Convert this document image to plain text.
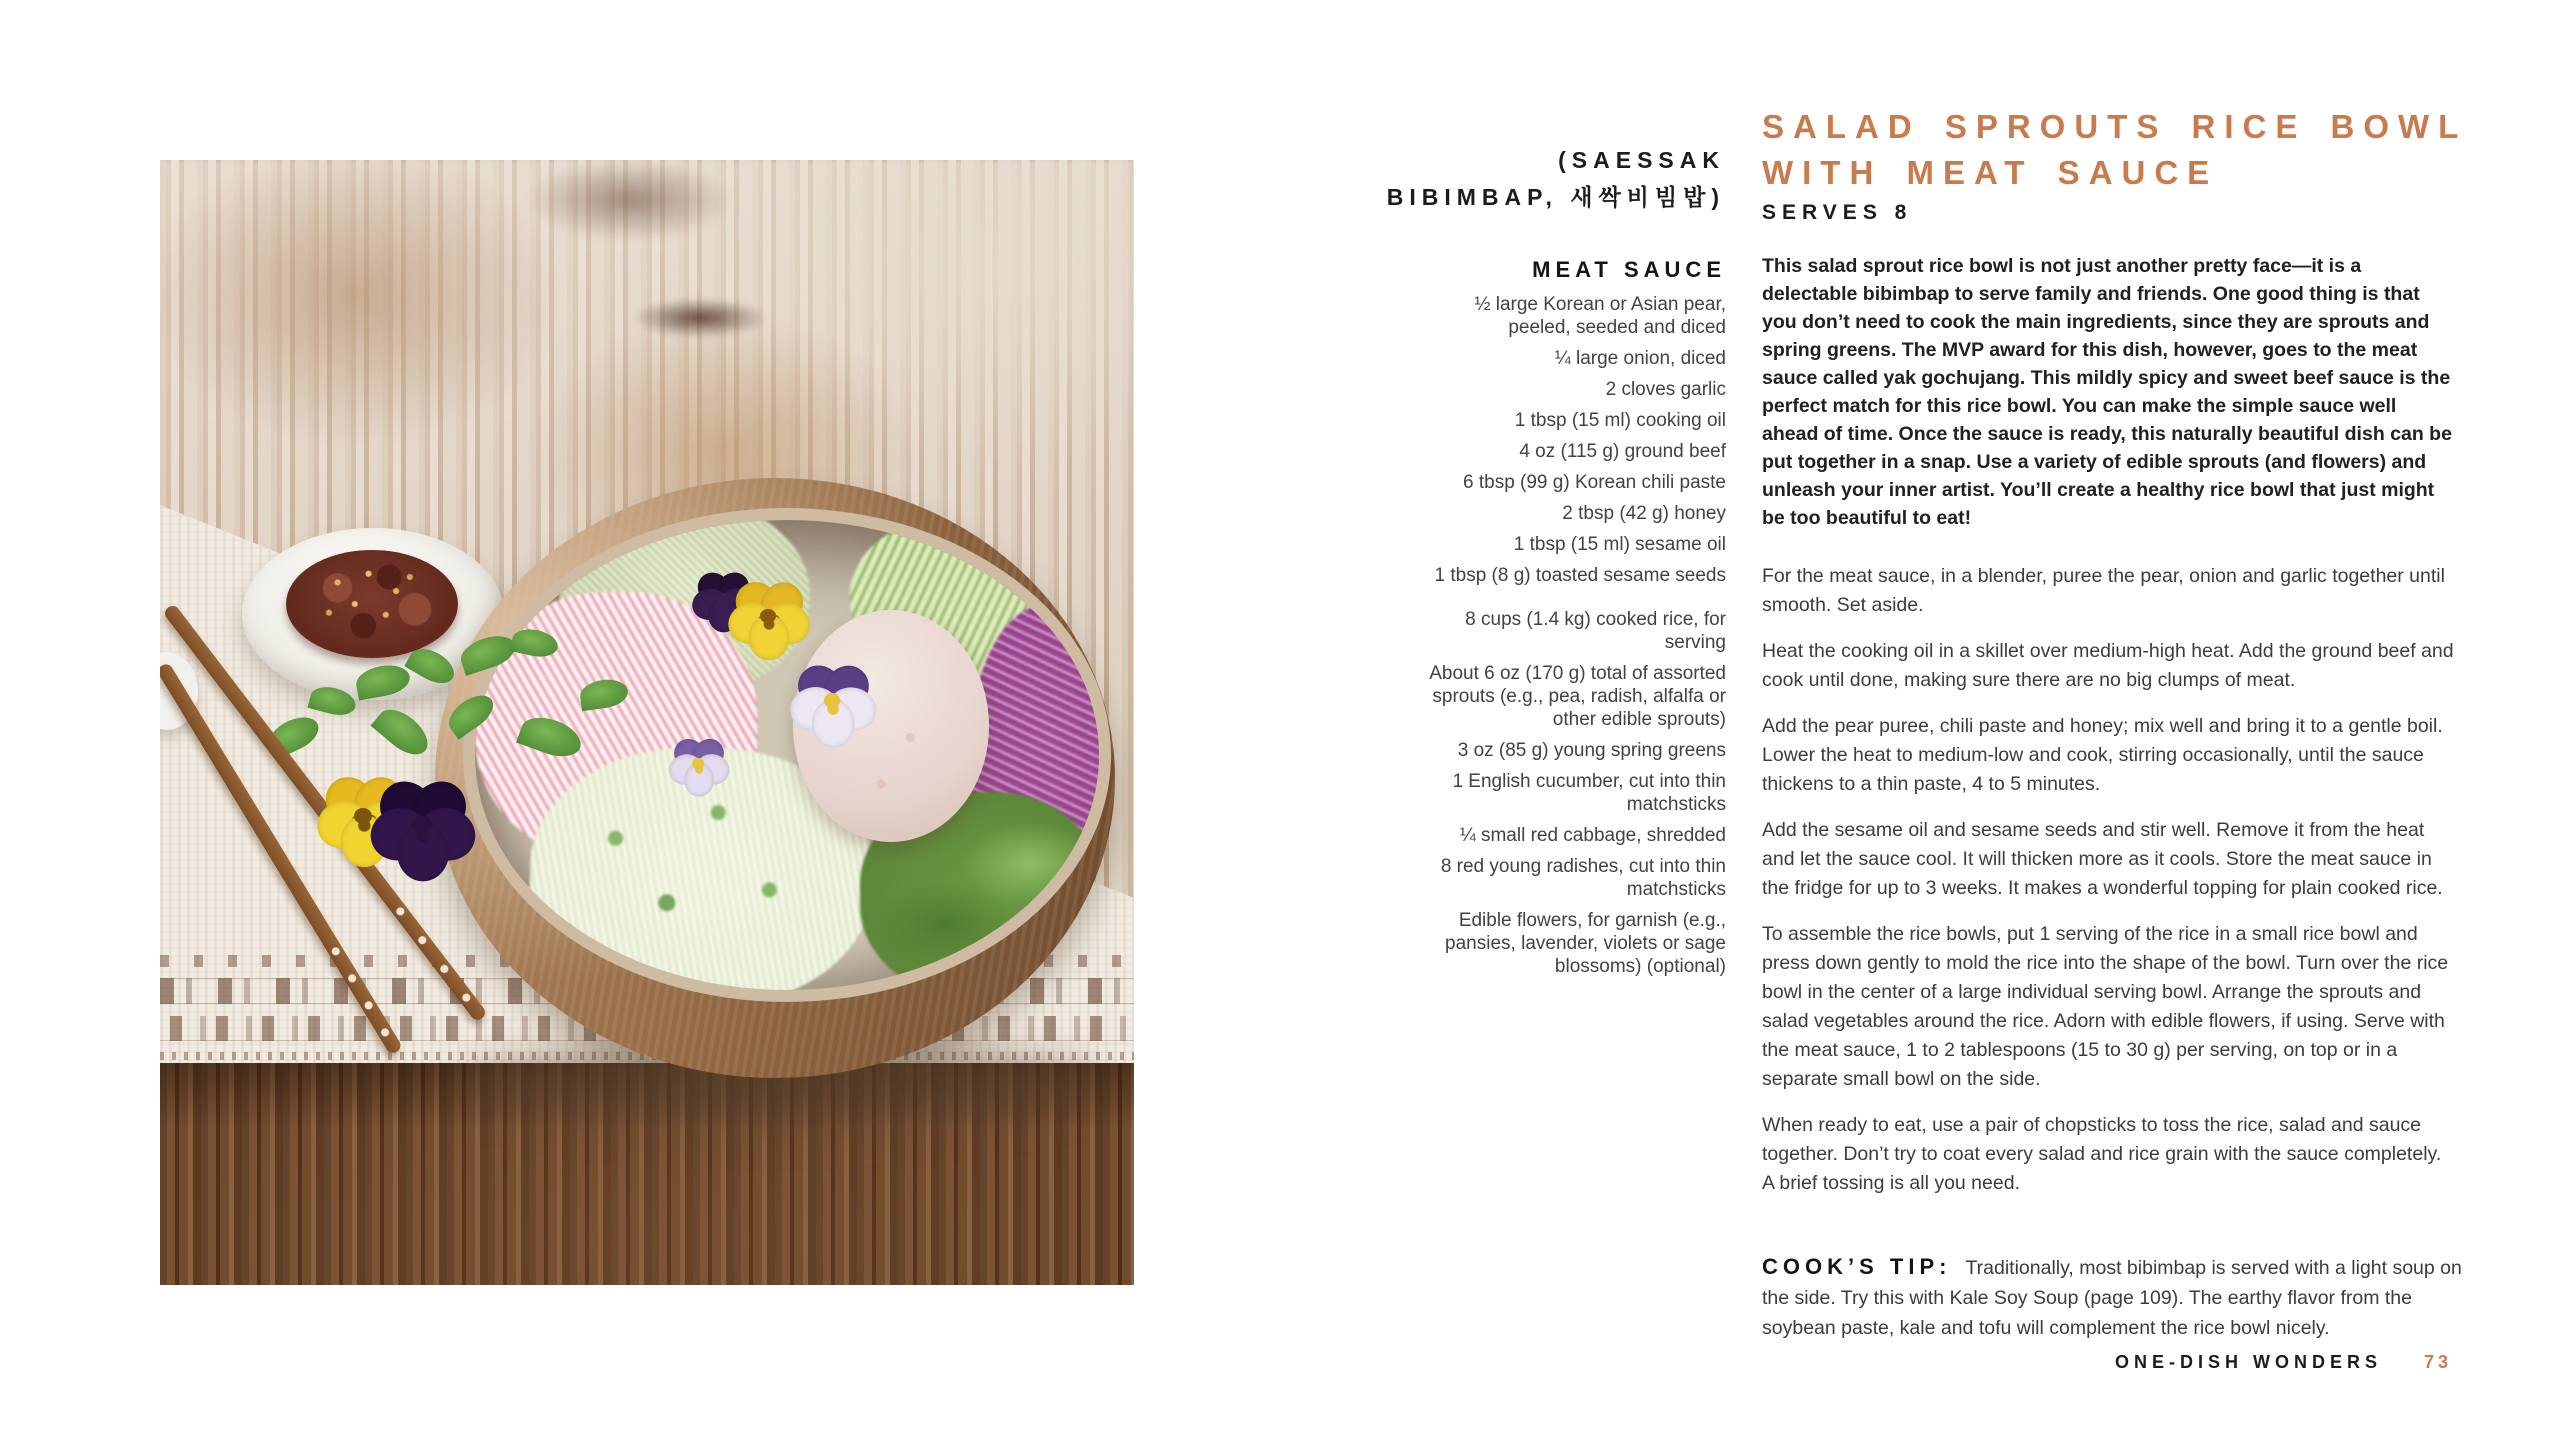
(SAESSAK
BIBIMBAP, 새싹비빔밥)
SALAD SPROUTS RICE BOWL
WITH MEAT SAUCE
SERVES 8
MEAT SAUCE
½ large Korean or Asian pear, peeled, seeded and diced
¼ large onion, diced
2 cloves garlic
1 tbsp (15 ml) cooking oil
4 oz (115 g) ground beef
6 tbsp (99 g) Korean chili paste
2 tbsp (42 g) honey
1 tbsp (15 ml) sesame oil
1 tbsp (8 g) toasted sesame seeds
8 cups (1.4 kg) cooked rice, for serving
About 6 oz (170 g) total of assorted sprouts (e.g., pea, radish, alfalfa or other edible sprouts)
3 oz (85 g) young spring greens
1 English cucumber, cut into thin matchsticks
¼ small red cabbage, shredded
8 red young radishes, cut into thin matchsticks
Edible flowers, for garnish (e.g., pansies, lavender, violets or sage blossoms) (optional)

This salad sprout rice bowl is not just another pretty face—it is a delectable bibimbap to serve family and friends. One good thing is that you don’t need to cook the main ingredients, since they are sprouts and spring greens. The MVP award for this dish, however, goes to the meat sauce called yak gochujang. This mildly spicy and sweet beef sauce is the perfect match for this rice bowl. You can make the simple sauce well ahead of time. Once the sauce is ready, this naturally beautiful dish can be put together in a snap. Use a variety of edible sprouts (and flowers) and unleash your inner artist. You’ll create a healthy rice bowl that just might be too beautiful to eat!

For the meat sauce, in a blender, puree the pear, onion and garlic together until smooth. Set aside.

Heat the cooking oil in a skillet over medium-high heat. Add the ground beef and cook until done, making sure there are no big clumps of meat.

Add the pear puree, chili paste and honey; mix well and bring it to a gentle boil. Lower the heat to medium-low and cook, stirring occasionally, until the sauce thickens to a thin paste, 4 to 5 minutes.

Add the sesame oil and sesame seeds and stir well. Remove it from the heat and let the sauce cool. It will thicken more as it cools. Store the meat sauce in the fridge for up to 3 weeks. It makes a wonderful topping for plain cooked rice.

To assemble the rice bowls, put 1 serving of the rice in a small rice bowl and press down gently to mold the rice into the shape of the bowl. Turn over the rice bowl in the center of a large individual serving bowl. Arrange the sprouts and salad vegetables around the rice. Adorn with edible flowers, if using. Serve with the meat sauce, 1 to 2 tablespoons (15 to 30 g) per serving, on top or in a separate small bowl on the side.

When ready to eat, use a pair of chopsticks to toss the rice, salad and sauce together. Don’t try to coat every salad and rice grain with the sauce completely. A brief tossing is all you need.

COOK’S TIP: Traditionally, most bibimbap is served with a light soup on the side. Try this with Kale Soy Soup (page 109). The earthy flavor from the soybean paste, kale and tofu will complement the rice bowl nicely.

ONE-DISH WONDERS 73
